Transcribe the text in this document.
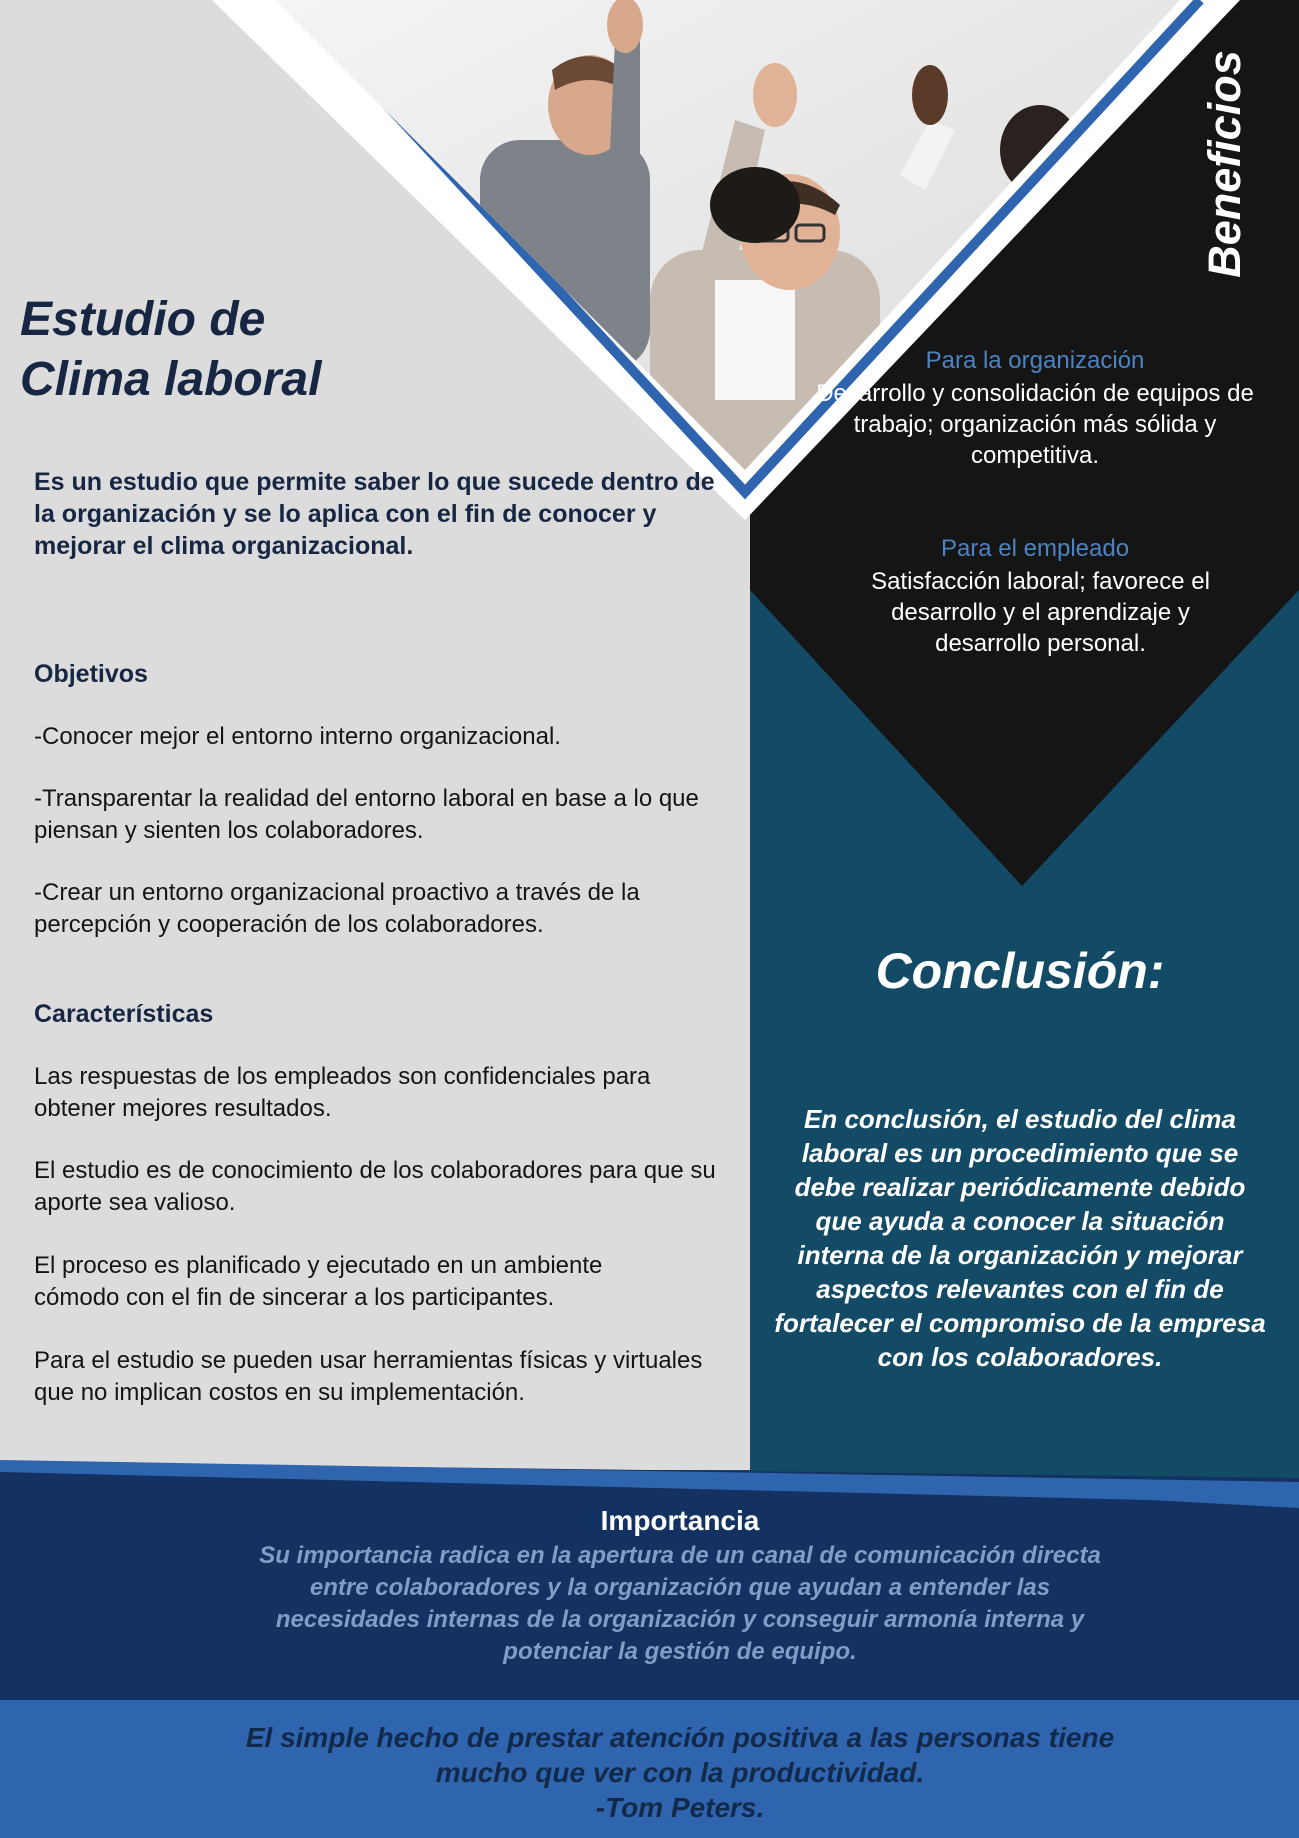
Estudio de
Clima laboral
Es un estudio que permite saber lo que sucede dentro de la organización y se lo aplica con el fin de conocer y mejorar el clima organizacional.
Objetivos
-Conocer mejor el entorno interno organizacional.
-Transparentar la realidad del entorno laboral en base a lo que piensan y sienten los colaboradores.
-Crear un entorno organizacional proactivo a través de la percepción y cooperación de los colaboradores.
Características
Las respuestas de los empleados son confidenciales para obtener mejores resultados.
El estudio es de conocimiento de los colaboradores para que su aporte sea valioso.
El proceso es planificado y ejecutado en un ambiente cómodo con el fin de sincerar a los participantes.
Para el estudio se pueden usar herramientas físicas y virtuales que no implican costos en su implementación.
Beneficios
Para la organización
Desarrollo y consolidación de equipos de trabajo; organización más sólida y competitiva.
Para el empleado
Satisfacción laboral; favorece el desarrollo y el aprendizaje y desarrollo personal.
Conclusión:
En conclusión, el estudio del clima laboral es un procedimiento que se debe realizar periódicamente debido que ayuda a conocer la situación interna de la organización y mejorar aspectos relevantes con el fin de fortalecer el compromiso de la empresa con los colaboradores.
Importancia
Su importancia radica en la apertura de un canal de comunicación directa entre colaboradores y la organización que ayudan a entender las necesidades internas de la organización y conseguir armonía interna y potenciar la gestión de equipo.
El simple hecho de prestar atención positiva a las personas tiene
mucho que ver con la productividad.
-Tom Peters.
